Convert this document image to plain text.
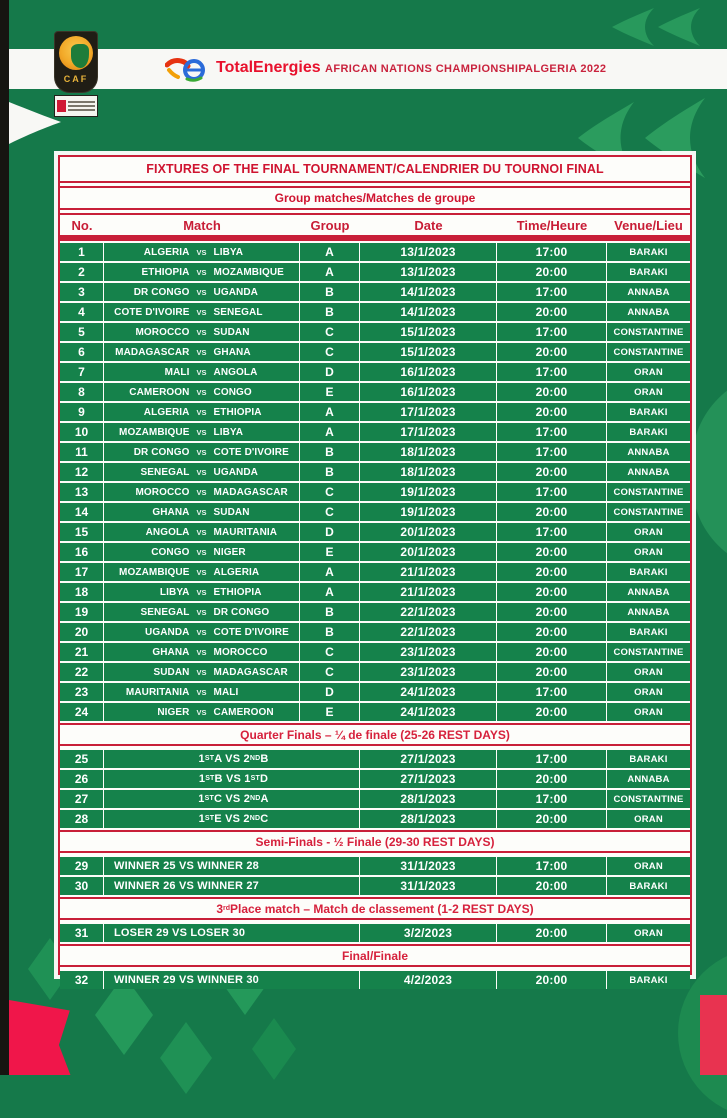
TotalEnergies AFRICAN NATIONS CHAMPIONSHIP
ALGERIA 2022
CAF
FIXTURES OF THE FINAL TOURNAMENT/CALENDRIER DU TOURNOI FINAL
Group matches/Matches de groupe
No.	Match	Group	Date	Time/Heure	Venue/Lieu
1	ALGERIA VS LIBYA	A	13/1/2023	17:00	BARAKI
2	ETHIOPIA VS MOZAMBIQUE	A	13/1/2023	20:00	BARAKI
3	DR CONGO VS UGANDA	B	14/1/2023	17:00	ANNABA
4	COTE D'IVOIRE VS SENEGAL	B	14/1/2023	20:00	ANNABA
5	MOROCCO VS SUDAN	C	15/1/2023	17:00	CONSTANTINE
6	MADAGASCAR VS GHANA	C	15/1/2023	20:00	CONSTANTINE
7	MALI VS ANGOLA	D	16/1/2023	17:00	ORAN
8	CAMEROON VS CONGO	E	16/1/2023	20:00	ORAN
9	ALGERIA VS ETHIOPIA	A	17/1/2023	20:00	BARAKI
10	MOZAMBIQUE VS LIBYA	A	17/1/2023	17:00	BARAKI
11	DR CONGO VS COTE D'IVOIRE	B	18/1/2023	17:00	ANNABA
12	SENEGAL VS UGANDA	B	18/1/2023	20:00	ANNABA
13	MOROCCO VS MADAGASCAR	C	19/1/2023	17:00	CONSTANTINE
14	GHANA VS SUDAN	C	19/1/2023	20:00	CONSTANTINE
15	ANGOLA VS MAURITANIA	D	20/1/2023	17:00	ORAN
16	CONGO VS NIGER	E	20/1/2023	20:00	ORAN
17	MOZAMBIQUE VS ALGERIA	A	21/1/2023	20:00	BARAKI
18	LIBYA VS ETHIOPIA	A	21/1/2023	20:00	ANNABA
19	SENEGAL VS DR CONGO	B	22/1/2023	20:00	ANNABA
20	UGANDA VS COTE D'IVOIRE	B	22/1/2023	20:00	BARAKI
21	GHANA VS MOROCCO	C	23/1/2023	20:00	CONSTANTINE
22	SUDAN VS MADAGASCAR	C	23/1/2023	20:00	ORAN
23	MAURITANIA VS MALI	D	24/1/2023	17:00	ORAN
24	NIGER VS CAMEROON	E	24/1/2023	20:00	ORAN
Quarter Finals – ¼ de finale (25-26 REST DAYS)
25	1 ST A VS 2 ND B	27/1/2023	17:00	BARAKI
26	1 ST B VS 1 ST D	27/1/2023	20:00	ANNABA
27	1 ST C VS 2 ND A	28/1/2023	17:00	CONSTANTINE
28	1 ST E VS 2 ND C	28/1/2023	20:00	ORAN
Semi-Finals - ½ Finale (29-30 REST DAYS)
29	WINNER 25 VS WINNER 28	31/1/2023	17:00	ORAN
30	WINNER 26 VS WINNER 27	31/1/2023	20:00	BARAKI
3 rd Place match – Match de classement (1-2 REST DAYS)
31	LOSER 29 VS LOSER 30	3/2/2023	20:00	ORAN
Final/Finale
32	WINNER 29 VS WINNER 30	4/2/2023	20:00	BARAKI
